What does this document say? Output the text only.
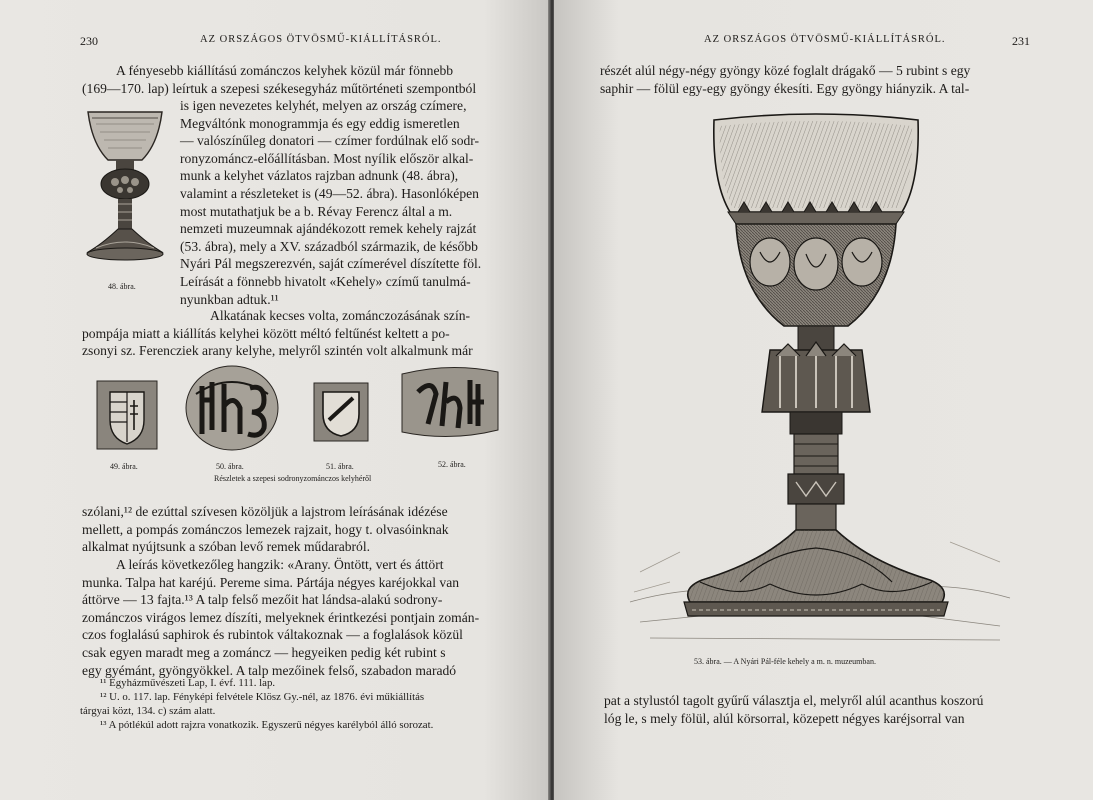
230	AZ ORSZÁGOS ÖTVÖSMŰ-KIÁLLÍTÁSRÓL.
A fényesebb kiállítású zománczos kelyhek közül már fönnebb
(169—170. lap) leírtuk a szepesi székesegyház műtörténeti szempontból
48. ábra.
is igen nevezetes kelyhét, melyen az ország czímere,
Megváltónk monogrammja és egy eddig ismeretlen
— valószínűleg donatori — czímer fordúlnak elő sodr-
ronyzománcz-előállításban. Most nyílik először alkal-
munk a kelyhet vázlatos rajzban adnunk (48. ábra),
valamint a részleteket is (49—52. ábra). Hasonlóképen
most mutathatjuk be a b. Révay Ferencz által a m.
nemzeti muzeumnak ajándékozott remek kehely rajzát
(53. ábra), mely a XV. századból származik, de később
Nyári Pál megszerezvén, saját czímerével díszítette föl.
Leírását a fönnebb hivatolt «Kehely» czímű tanulmá-
nyunkban adtuk.¹¹
Alkatának kecses volta, zománczozásának szín-
pompája miatt a kiállítás kelyhei között méltó feltűnést keltett a po-
zsonyi sz. Ferencziek arany kelyhe, melyről szintén volt alkalmunk már
49. ábra.	50. ábra.	51. ábra.	52. ábra.
Részletek a szepesi sodronyzománczos kelyhéről
szólani,¹² de ezúttal szívesen közöljük a lajstrom leírásának idézése
mellett, a pompás zománczos lemezek rajzait, hogy t. olvasóinknak
alkalmat nyújtsunk a szóban levő remek műdarabról.
A leírás következőleg hangzik: «Arany. Öntött, vert és áttört
munka. Talpa hat karéjú. Pereme sima. Pártája négyes karéjokkal van
áttörve — 13 fajta.¹³ A talp felső mezőit hat lándsa-alakú sodrony-
zománczos virágos lemez díszíti, melyeknek érintkezési pontjain zomán-
czos foglalású saphirok és rubintok váltakoznak — a foglalások közül
csak egyen maradt meg a zománcz — hegyeiken pedig két rubint s
egy gyémánt, gyöngyökkel. A talp mezőinek felső, szabadon maradó
¹¹ Egyházművészeti Lap, I. évf. 111. lap.
¹² U. o. 117. lap. Fényképi felvétele Klösz Gy.-nél, az 1876. évi műkiállítás
tárgyai közt, 134. c) szám alatt.
¹³ A pótlékúl adott rajzra vonatkozik. Egyszerű négyes karélyból álló sorozat.
AZ ORSZÁGOS ÖTVÖSMŰ-KIÁLLÍTÁSRÓL.	231
részét alúl négy-négy gyöngy közé foglalt drágakő — 5 rubint s egy
saphir — fölül egy-egy gyöngy ékesíti. Egy gyöngy hiányzik. A tal-
53. ábra. — A Nyári Pál-féle kehely a m. n. muzeumban.
pat a stylustól tagolt gyűrű választja el, melyről alúl acanthus koszorú
lóg le, s mely fölül, alúl körsorral, közepett négyes karéjsorral van
